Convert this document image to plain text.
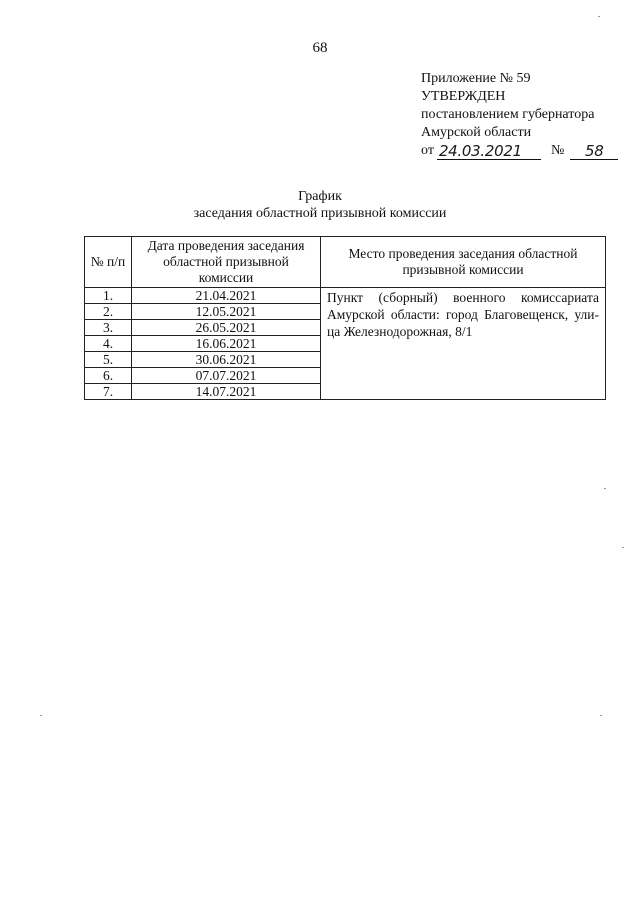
68
Приложение № 59
УТВЕРЖДЕН
постановлением губернатора
Амурской области
от 24.03.2021	№	58
График
заседания областной призывной комиссии
№ п/п	Дата проведения заседания областной призывной комиссии	Место проведения заседания областной призывной комиссии
1.	21.04.2021	Пункт (сборный) военного комиссариата Амурской области: город Благовещенск, ули-ца Железнодорожная, 8/1
2.	12.05.2021	
3.	26.05.2021	
4.	16.06.2021	
5.	30.06.2021	
6.	07.07.2021	
7.	14.07.2021	
